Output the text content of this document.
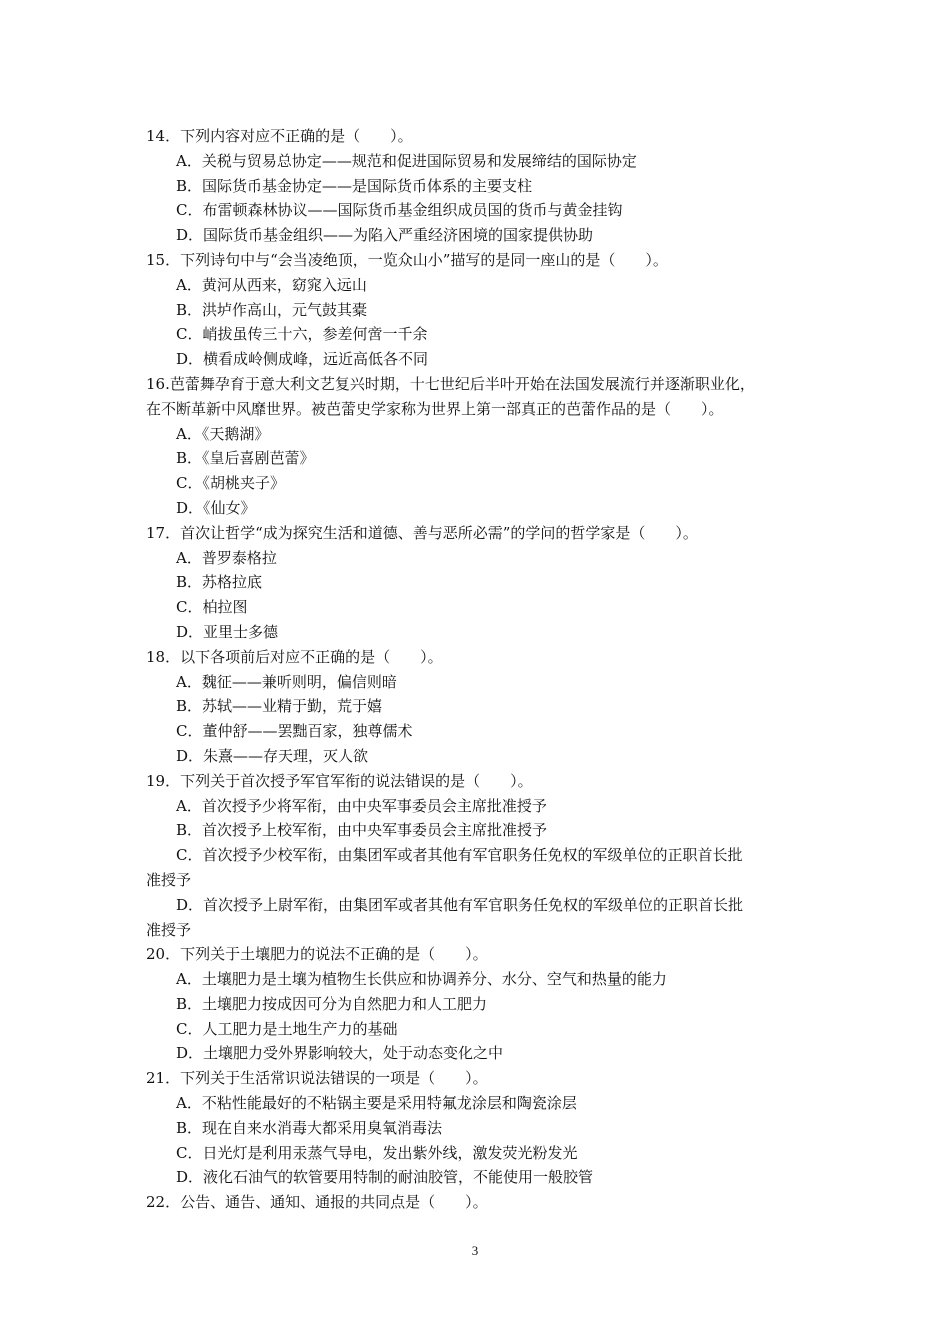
14．下列内容对应不正确的是（　　）。
A．关税与贸易总协定——规范和促进国际贸易和发展缔结的国际协定
B．国际货币基金协定——是国际货币体系的主要支柱
C．布雷顿森林协议——国际货币基金组织成员国的货币与黄金挂钩
D．国际货币基金组织——为陷入严重经济困境的国家提供协助
15．下列诗句中与“会当凌绝顶，一览众山小”描写的是同一座山的是（　　）。
A．黄河从西来，窈窕入远山
B．洪垆作高山，元气鼓其橐
C．峭拔虽传三十六，参差何啻一千余
D．横看成岭侧成峰，远近高低各不同
16.芭蕾舞孕育于意大利文艺复兴时期，十七世纪后半叶开始在法国发展流行并逐渐职业化，
在不断革新中风靡世界。被芭蕾史学家称为世界上第一部真正的芭蕾作品的是（　　）。
A．《天鹅湖》
B．《皇后喜剧芭蕾》
C．《胡桃夹子》
D．《仙女》
17．首次让哲学“成为探究生活和道德、善与恶所必需”的学问的哲学家是（　　）。
A．普罗泰格拉
B．苏格拉底
C．柏拉图
D．亚里士多德
18．以下各项前后对应不正确的是（　　）。
A．魏征——兼听则明，偏信则暗
B．苏轼——业精于勤，荒于嬉
C．董仲舒——罢黜百家，独尊儒术
D．朱熹——存天理，灭人欲
19．下列关于首次授予军官军衔的说法错误的是（　　）。
A．首次授予少将军衔，由中央军事委员会主席批准授予
B．首次授予上校军衔，由中央军事委员会主席批准授予
C．首次授予少校军衔，由集团军或者其他有军官职务任免权的军级单位的正职首长批
准授予
D．首次授予上尉军衔，由集团军或者其他有军官职务任免权的军级单位的正职首长批
准授予
20．下列关于土壤肥力的说法不正确的是（　　）。
A．土壤肥力是土壤为植物生长供应和协调养分、水分、空气和热量的能力
B．土壤肥力按成因可分为自然肥力和人工肥力
C．人工肥力是土地生产力的基础
D．土壤肥力受外界影响较大，处于动态变化之中
21．下列关于生活常识说法错误的一项是（　　）。
A．不粘性能最好的不粘锅主要是采用特氟龙涂层和陶瓷涂层
B．现在自来水消毒大都采用臭氧消毒法
C．日光灯是利用汞蒸气导电，发出紫外线，激发荧光粉发光
D．液化石油气的软管要用特制的耐油胶管，不能使用一般胶管
22．公告、通告、通知、通报的共同点是（　　）。
3
